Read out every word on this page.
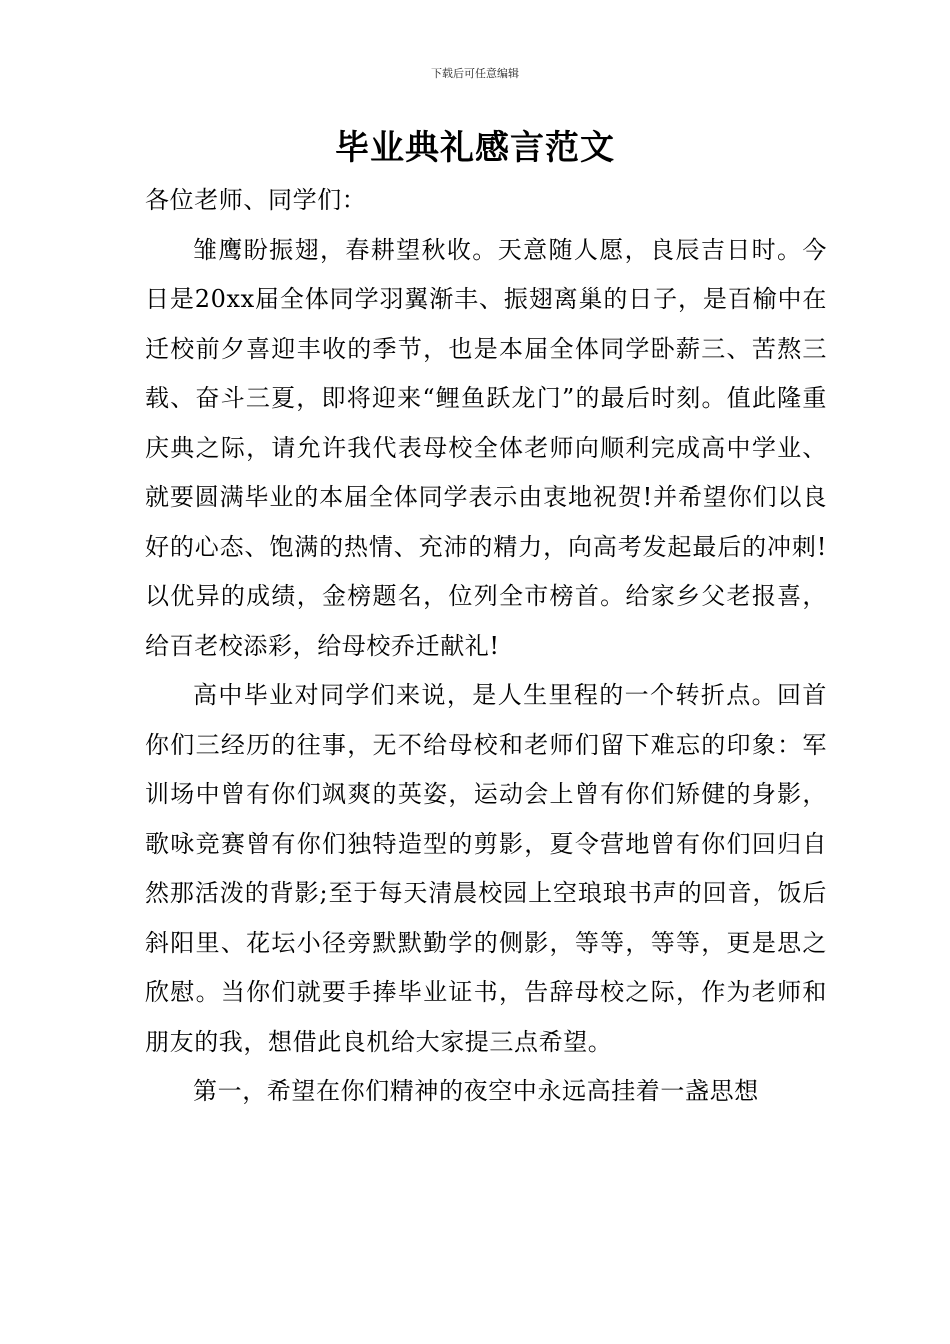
下载后可任意编辑
毕业典礼感言范文

各位老师、同学们：

雏鹰盼振翅，春耕望秋收。天意随人愿，良辰吉日时。今日是20xx届全体同学羽翼渐丰、振翅离巢的日子，是百榆中在迁校前夕喜迎丰收的季节，也是本届全体同学卧薪三、苦熬三载、奋斗三夏，即将迎来“鲤鱼跃龙门”的最后时刻。值此隆重庆典之际，请允许我代表母校全体老师向顺利完成高中学业、就要圆满毕业的本届全体同学表示由衷地祝贺!并希望你们以良好的心态、饱满的热情、充沛的精力，向高考发起最后的冲刺!以优异的成绩，金榜题名，位列全市榜首。给家乡父老报喜，给百老校添彩，给母校乔迁献礼!

高中毕业对同学们来说，是人生里程的一个转折点。回首你们三经历的往事，无不给母校和老师们留下难忘的印象：军训场中曾有你们飒爽的英姿，运动会上曾有你们矫健的身影，歌咏竞赛曾有你们独特造型的剪影，夏令营地曾有你们回归自然那活泼的背影;至于每天清晨校园上空琅琅书声的回音，饭后斜阳里、花坛小径旁默默勤学的侧影，等等，等等，更是思之欣慰。当你们就要手捧毕业证书，告辞母校之际，作为老师和朋友的我，想借此良机给大家提三点希望。

第一，希望在你们精神的夜空中永远高挂着一盏思想
